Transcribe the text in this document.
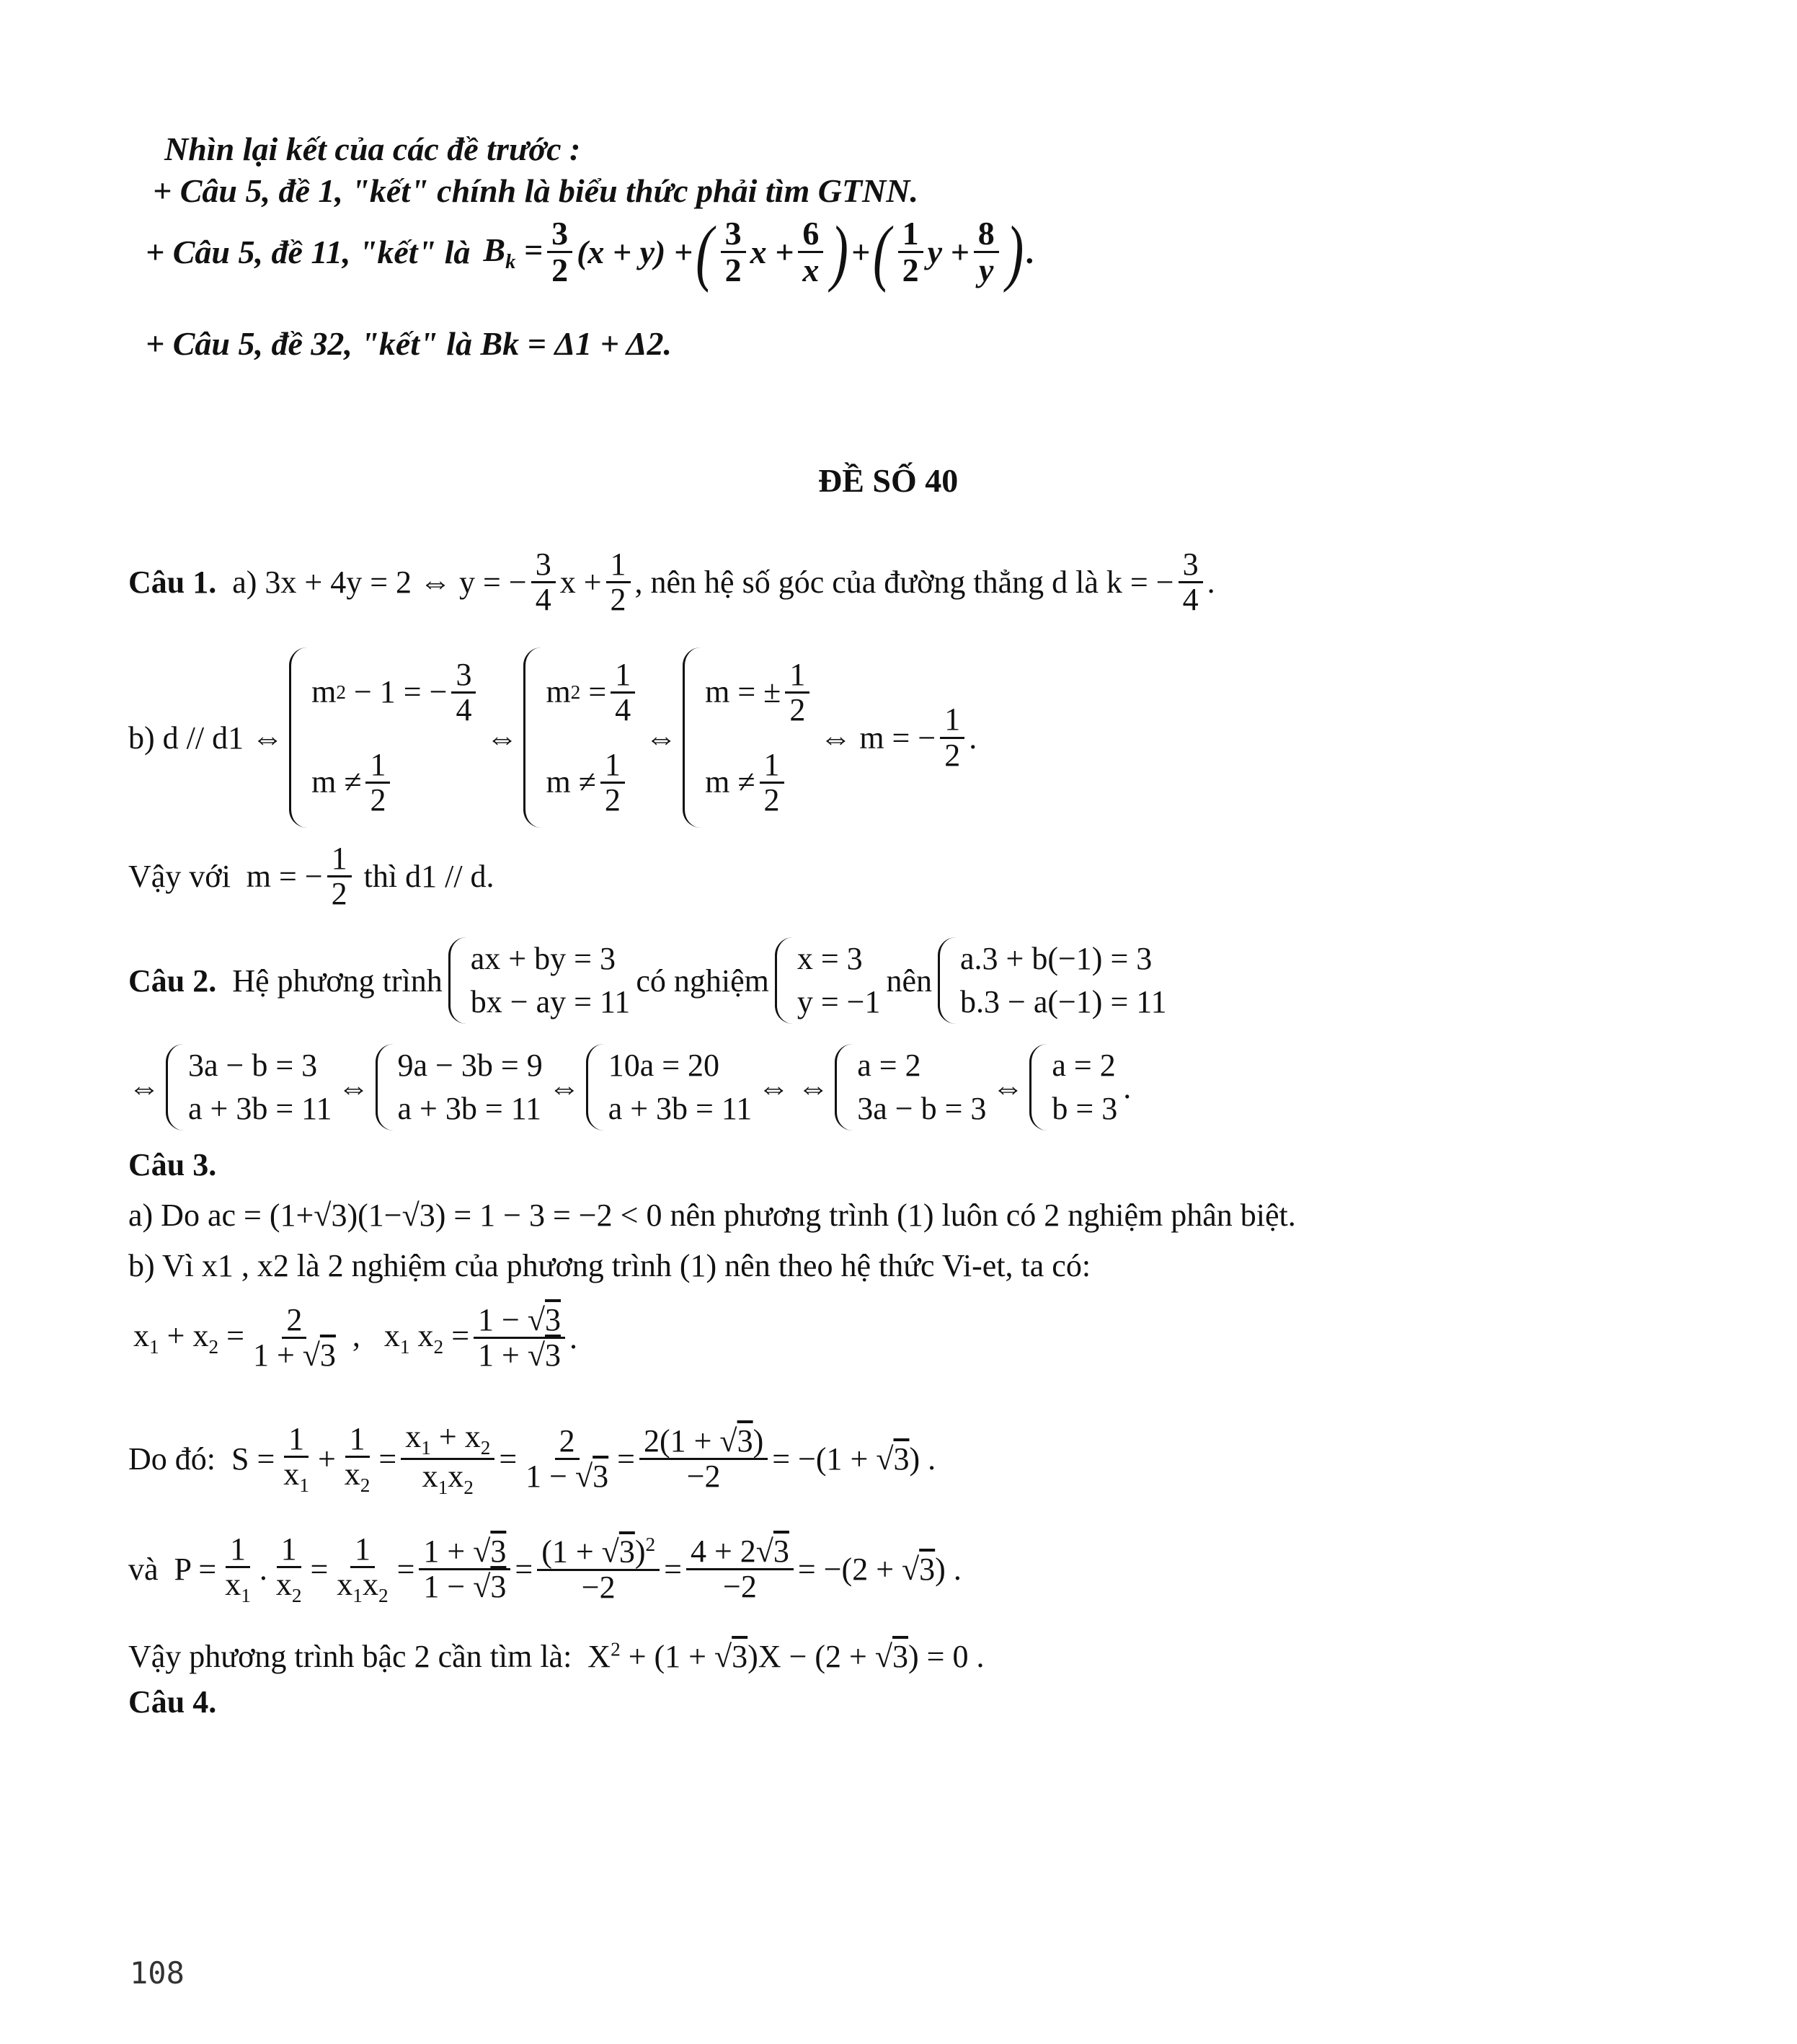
Nhìn lại kết của các đề trước :
+ Câu 5, đề 1, "kết" chính là biểu thức phải tìm GTNN.
+ Câu 5, đề 11, "kết" là $B_k = \frac{3}{2} (x + y)$ + ( 3
2 $x + \frac{6}{x}$ ) + ( 1
2 $y + \frac{8}{y}$ ) .
+ Câu 5, đề 32, "kết" là Bk = Δ1 + Δ2.
ĐỀ SỐ 40
Câu 1.
a) 3x + 4y = 2 ⇔ y = − $\frac{3}{4}$ $x + \frac{1}{2}$ , nên hệ số góc của đường thẳng d là k = − $\frac{3}{4}$ .
b) d // d1 ⇔
m 2 − 1 = − 3
4
m ≠ 1
2
⇔
m 2 = 1
4
m ≠ 1
2
⇔
m = ± 1
2
m ≠ 1
2
⇔ m = − $\frac{1}{2}$ .
Vậy với
m = − $\frac{1}{2}$
thì d1 // d.
Câu 2.
Hệ phương trình
ax + by = 3
bx − ay = 11
có nghiệm
x = 3
y = −1
nên
a.3 + b(−1) = 3
b.3 − a(−1) = 11
⇔
3a − b = 3
a + 3b = 11
⇔
9a − 3b = 9
a + 3b = 11
⇔
10a = 20
a + 3b = 11
⇔ ⇔
a = 2
3a − b = 3
⇔
a = 2
b = 3
.
Câu 3.
a) Do ac = (1+√3)(1−√3) = 1 − 3 = −2 < 0 nên phương trình (1) luôn có 2 nghiệm phân biệt.
b) Vì x1 , x2 là 2 nghiệm của phương trình (1) nên theo hệ thức Vi-et, ta có:
$x_1 + x_2 = \frac{2}{1 + √3}$ ,   $x_1$ $x_2 = \frac{1 - √3}{1 + √3}$ .
Do đó:
$S = \frac{1}{x_1} + \frac{1}{x_2} = \frac{x_1 + x_2}{x_1x_2} = \frac{2}{1 - √3} = \frac{2(1 + √3)}{-2} = -(1 + √3)$ .
và
$P = \frac{1}{x_1}$ . $\frac{1}{x_2} = \frac{1}{x_1x_2} = \frac{1 + √3}{1 - √3} = \frac{(1 + √3)^2}{-2} = \frac{4 + 2√3}{-2} = -(2 + √3)$ .
Vậy phương trình bậc 2 cần tìm là:
$X^2 + (1 + √3)X - (2 + √3) = 0$ .
Câu 4.
108
